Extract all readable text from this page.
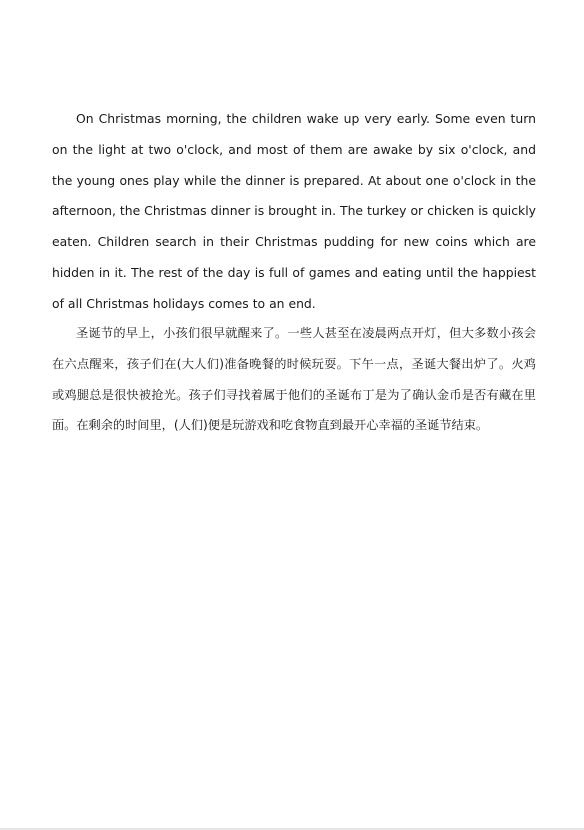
On Christmas morning, the children wake up very early. Some even turn on the light at two o'clock, and most of them are awake by six o'clock, and the young ones play while the dinner is prepared. At about one o'clock in the afternoon, the Christmas dinner is brought in. The turkey or chicken is quickly eaten. Children search in their Christmas pudding for new coins which are hidden in it. The rest of the day is full of games and eating until the happiest of all Christmas holidays comes to an end.

圣诞节的早上，小孩们很早就醒来了。一些人甚至在凌晨两点开灯，但大多数小孩会在六点醒来，孩子们在(大人们)准备晚餐的时候玩耍。下午一点，圣诞大餐出炉了。火鸡或鸡腿总是很快被抢光。孩子们寻找着属于他们的圣诞布丁是为了确认金币是否有藏在里面。在剩余的时间里，(人们)便是玩游戏和吃食物直到最开心幸福的圣诞节结束。
